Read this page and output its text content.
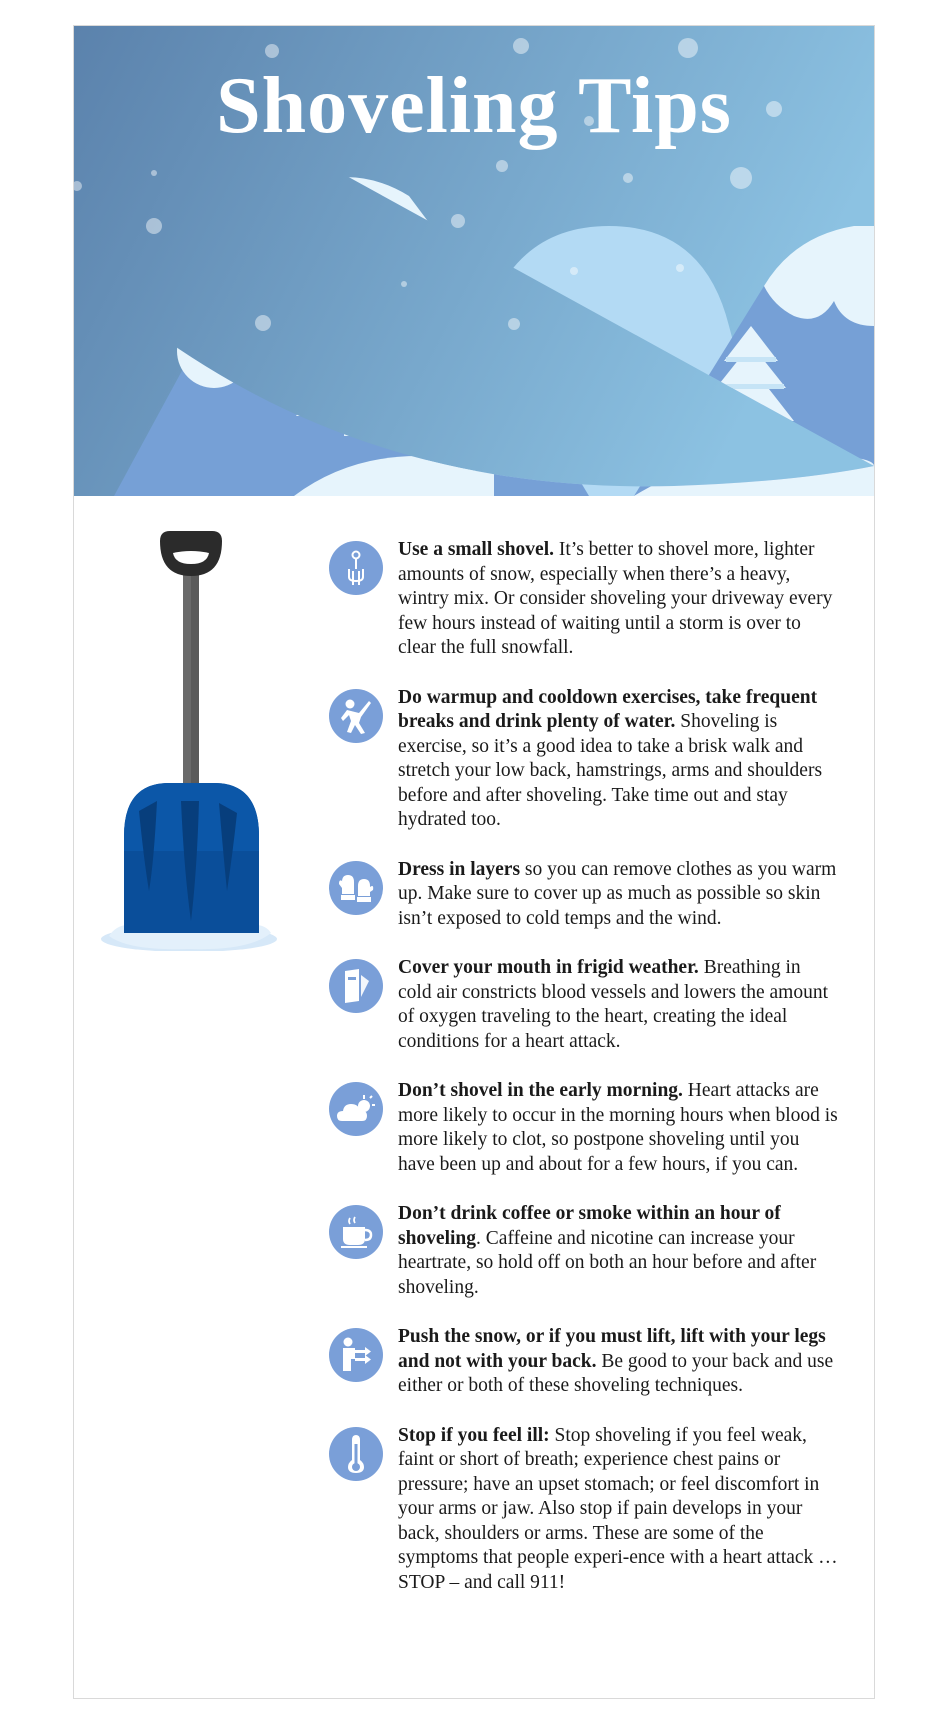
Shoveling Tips
Use a small shovel. It’s better to shovel more, lighter amounts of snow, especially when there’s a heavy, wintry mix. Or consider shoveling your driveway every few hours instead of waiting until a storm is over to clear the full snowfall.
Do warmup and cooldown exercises, take frequent breaks and drink plenty of water. Shoveling is exercise, so it’s a good idea to take a brisk walk and stretch your low back, hamstrings, arms and shoulders before and after shoveling. Take time out and stay hydrated too.
Dress in layers so you can remove clothes as you warm up. Make sure to cover up as much as possible so skin isn’t exposed to cold temps and the wind.
Cover your mouth in frigid weather. Breathing in cold air constricts blood vessels and lowers the amount of oxygen traveling to the heart, creating the ideal conditions for a heart attack.
Don’t shovel in the early morning. Heart attacks are more likely to occur in the morning hours when blood is more likely to clot, so postpone shoveling until you have been up and about for a few hours, if you can.
Don’t drink coffee or smoke within an hour of shoveling. Caffeine and nicotine can increase your heartrate, so hold off on both an hour before and after shoveling.
Push the snow, or if you must lift, lift with your legs and not with your back. Be good to your back and use either or both of these shoveling techniques.
Stop if you feel ill: Stop shoveling if you feel weak, faint or short of breath; experience chest pains or pressure; have an upset stomach; or feel discomfort in your arms or jaw. Also stop if pain develops in your back, shoulders or arms. These are some of the symptoms that people experi-ence with a heart attack … STOP – and call 911!
